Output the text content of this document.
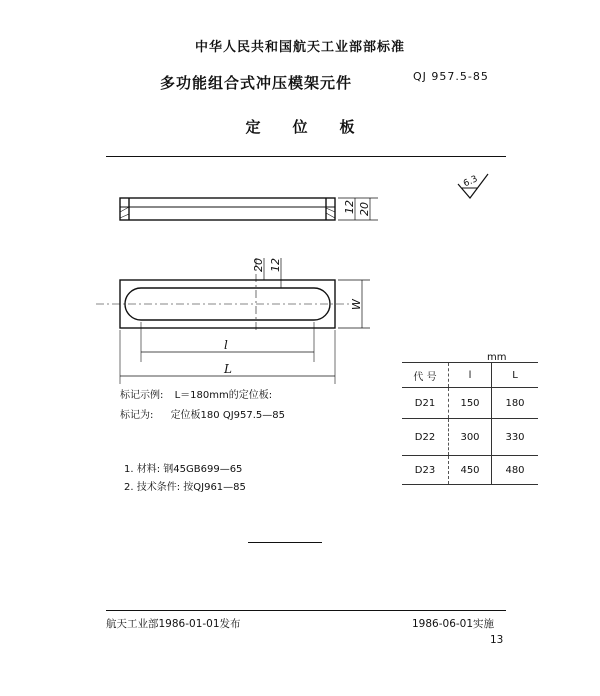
中华人民共和国航天工业部部标准
多功能组合式冲压模架元件	QJ 957.5-85
定位板
6.3
12 20
20 12
W
l
L
标记示例: L＝180mm的定位板:
标记为: 定位板180 QJ957.5—85
1. 材料: 钢45GB699—65
2. 技术条件: 按QJ961—85
mm
代 号	l	L
D21	150	180
D22	300	330
D23	450	480
航天工业部1986-01-01发布	1986-06-01实施
13
